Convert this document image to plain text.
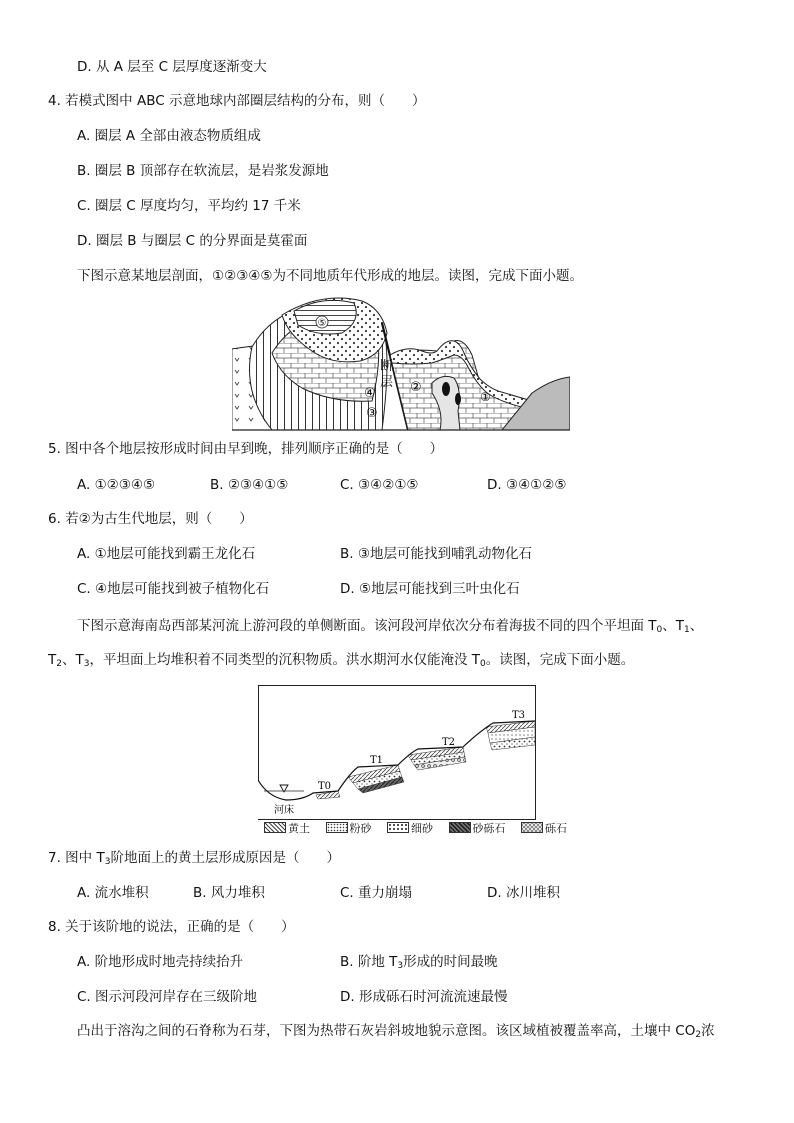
D. 从 A 层至 C 层厚度逐渐变大
4. 若模式图中 ABC 示意地球内部圈层结构的分布，则（　　）
A. 圈层 A 全部由液态物质组成
B. 圈层 B 顶部存在软流层，是岩浆发源地
C. 圈层 C 厚度均匀，平均约 17 千米
D. 圈层 B 与圈层 C 的分界面是莫霍面
下图示意某地层剖面，①②③④⑤为不同地质年代形成的地层。读图，完成下面小题。
⑤
断
层
④
③
②
①
5. 图中各个地层按形成时间由早到晚，排列顺序正确的是（　　）
A. ①②③④⑤	B. ②③④①⑤	C. ③④②①⑤	D. ③④①②⑤
6. 若②为古生代地层，则（　　）
A. ①地层可能找到霸王龙化石	B. ③地层可能找到哺乳动物化石
C. ④地层可能找到被子植物化石	D. ⑤地层可能找到三叶虫化石
下图示意海南岛西部某河流上游河段的单侧断面。该河段河岸依次分布着海拔不同的四个平坦面 $T_0$、$T_1$、
$T_2$、$T_3$，平坦面上均堆积着不同类型的沉积物质。洪水期河水仅能淹没 $T_0$。读图，完成下面小题。
T3
T2
T1
T0
河床
黄土	粉砂	细砂	砂砾石	砾石
7. 图中 $T_3$阶地面上的黄土层形成原因是（　　）
A. 流水堆积	B. 风力堆积	C. 重力崩塌	D. 冰川堆积
8. 关于该阶地的说法，正确的是（　　）
A. 阶地形成时地壳持续抬升	B. 阶地 $T_3$形成的时间最晚
C. 图示河段河岸存在三级阶地	D. 形成砾石时河流流速最慢
凸出于溶沟之间的石脊称为石芽，下图为热带石灰岩斜坡地貌示意图。该区域植被覆盖率高，土壤中 $CO_2$浓
